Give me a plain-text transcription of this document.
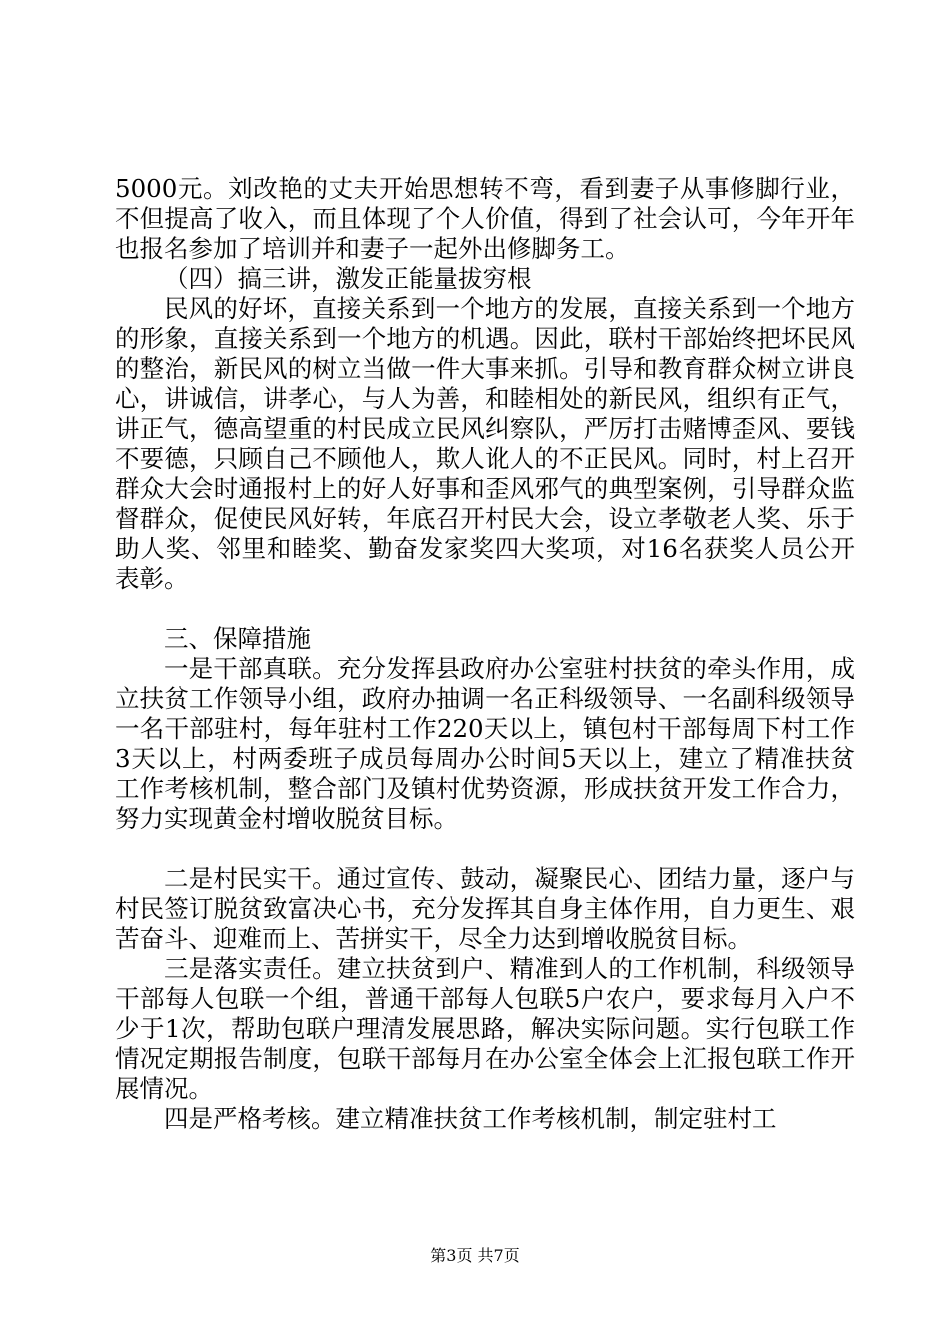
5000元。刘改艳的丈夫开始思想转不弯，看到妻子从事修脚行业，不但提高了收入，而且体现了个人价值，得到了社会认可，今年开年也报名参加了培训并和妻子一起外出修脚务工。

（四）搞三讲，激发正能量拔穷根

民风的好坏，直接关系到一个地方的发展，直接关系到一个地方的形象，直接关系到一个地方的机遇。因此，联村干部始终把坏民风的整治，新民风的树立当做一件大事来抓。引导和教育群众树立讲良心，讲诚信，讲孝心，与人为善，和睦相处的新民风，组织有正气，讲正气，德高望重的村民成立民风纠察队，严厉打击赌博歪风、要钱不要德，只顾自己不顾他人，欺人讹人的不正民风。同时，村上召开群众大会时通报村上的好人好事和歪风邪气的典型案例，引导群众监督群众，促使民风好转，年底召开村民大会，设立孝敬老人奖、乐于助人奖、邻里和睦奖、勤奋发家奖四大奖项，对16名获奖人员公开表彰。

三、保障措施

一是干部真联。充分发挥县政府办公室驻村扶贫的牵头作用，成立扶贫工作领导小组，政府办抽调一名正科级领导、一名副科级领导一名干部驻村，每年驻村工作220天以上，镇包村干部每周下村工作3天以上，村两委班子成员每周办公时间5天以上，建立了精准扶贫工作考核机制，整合部门及镇村优势资源，形成扶贫开发工作合力，努力实现黄金村增收脱贫目标。

二是村民实干。通过宣传、鼓动，凝聚民心、团结力量，逐户与村民签订脱贫致富决心书，充分发挥其自身主体作用，自力更生、艰苦奋斗、迎难而上、苦拼实干，尽全力达到增收脱贫目标。

三是落实责任。建立扶贫到户、精准到人的工作机制，科级领导干部每人包联一个组，普通干部每人包联5户农户，要求每月入户不少于1次，帮助包联户理清发展思路，解决实际问题。实行包联工作情况定期报告制度，包联干部每月在办公室全体会上汇报包联工作开展情况。

四是严格考核。建立精准扶贫工作考核机制，制定驻村工

第3页 共7页
